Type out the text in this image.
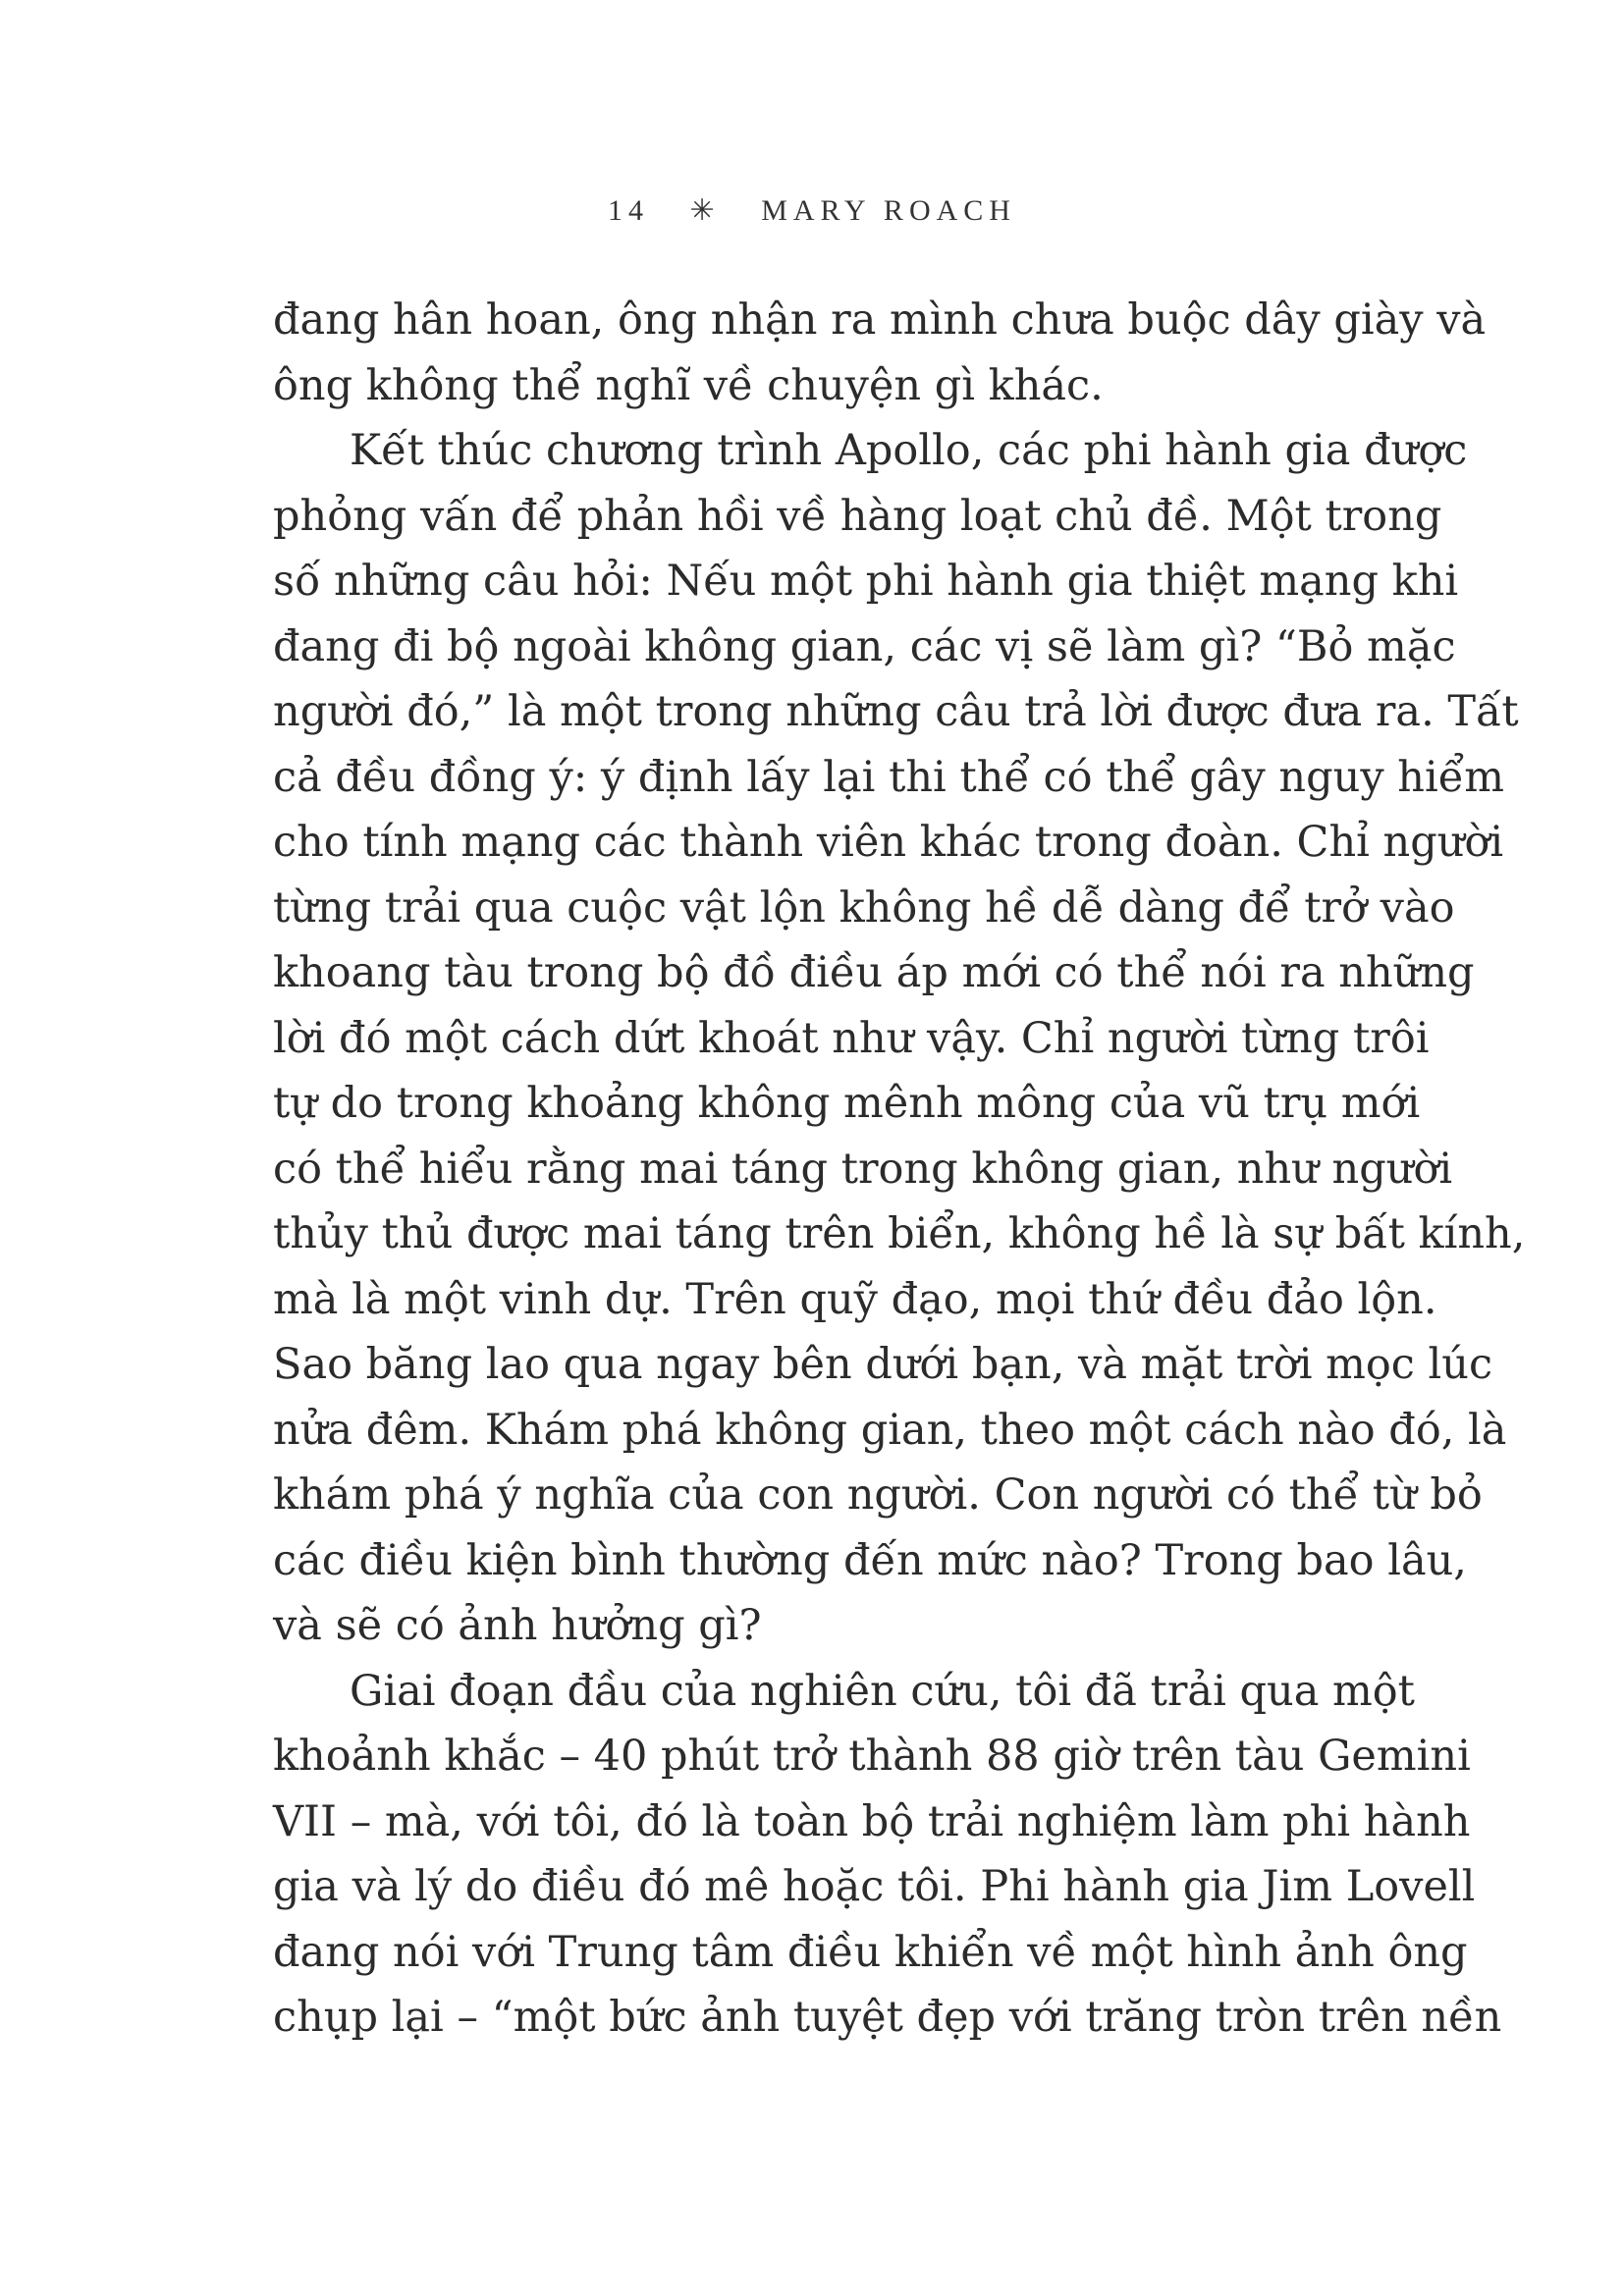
14 ✳ MARY ROACH
đang hân hoan, ông nhận ra mình chưa buộc dây giày và
ông không thể nghĩ về chuyện gì khác.
Kết thúc chương trình Apollo, các phi hành gia được
phỏng vấn để phản hồi về hàng loạt chủ đề. Một trong
số những câu hỏi: Nếu một phi hành gia thiệt mạng khi
đang đi bộ ngoài không gian, các vị sẽ làm gì? “Bỏ mặc
người đó,” là một trong những câu trả lời được đưa ra. Tất
cả đều đồng ý: ý định lấy lại thi thể có thể gây nguy hiểm
cho tính mạng các thành viên khác trong đoàn. Chỉ người
từng trải qua cuộc vật lộn không hề dễ dàng để trở vào
khoang tàu trong bộ đồ điều áp mới có thể nói ra những
lời đó một cách dứt khoát như vậy. Chỉ người từng trôi
tự do trong khoảng không mênh mông của vũ trụ mới
có thể hiểu rằng mai táng trong không gian, như người
thủy thủ được mai táng trên biển, không hề là sự bất kính,
mà là một vinh dự. Trên quỹ đạo, mọi thứ đều đảo lộn.
Sao băng lao qua ngay bên dưới bạn, và mặt trời mọc lúc
nửa đêm. Khám phá không gian, theo một cách nào đó, là
khám phá ý nghĩa của con người. Con người có thể từ bỏ
các điều kiện bình thường đến mức nào? Trong bao lâu,
và sẽ có ảnh hưởng gì?
Giai đoạn đầu của nghiên cứu, tôi đã trải qua một
khoảnh khắc – 40 phút trở thành 88 giờ trên tàu Gemini
VII – mà, với tôi, đó là toàn bộ trải nghiệm làm phi hành
gia và lý do điều đó mê hoặc tôi. Phi hành gia Jim Lovell
đang nói với Trung tâm điều khiển về một hình ảnh ông
chụp lại – “một bức ảnh tuyệt đẹp với trăng tròn trên nền
